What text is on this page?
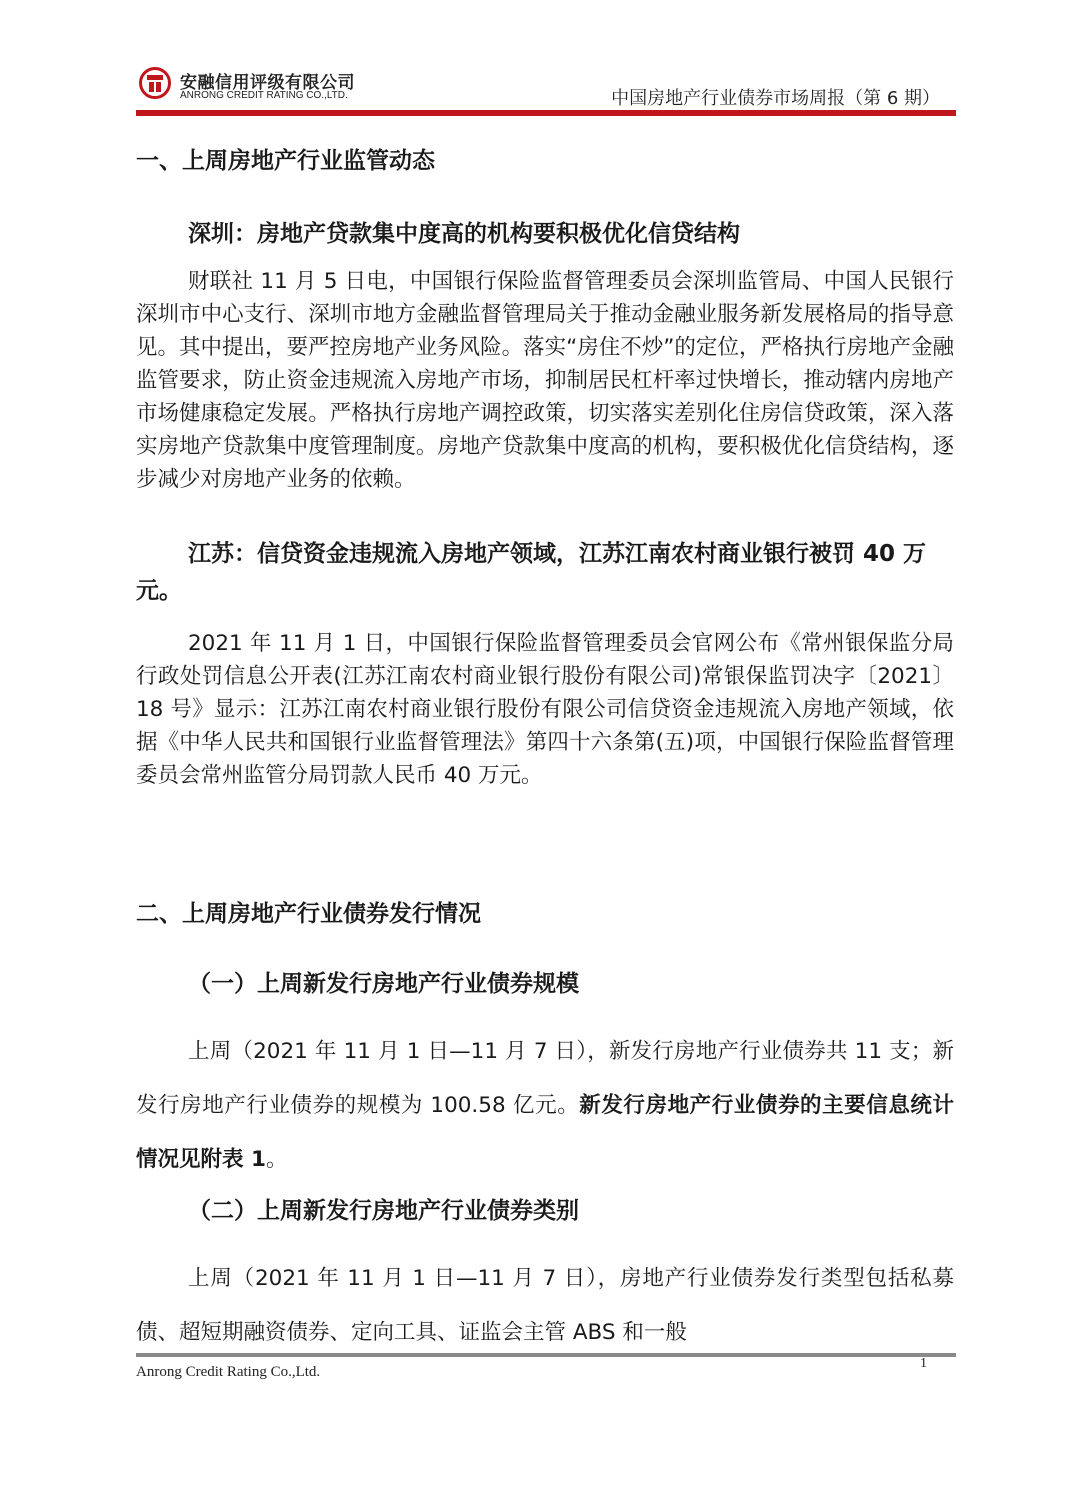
安融信用评级有限公司
ANRONG CREDIT RATING CO.,LTD.	中国房地产行业债券市场周报（第 6 期）
一、上周房地产行业监管动态
深圳：房地产贷款集中度高的机构要积极优化信贷结构

财联社 11 月 5 日电，中国银行保险监督管理委员会深圳监管局、中国人民银行深圳市中心支行、深圳市地方金融监督管理局关于推动金融业服务新发展格局的指导意见。其中提出，要严控房地产业务风险。落实“房住不炒”的定位，严格执行房地产金融监管要求，防止资金违规流入房地产市场，抑制居民杠杆率过快增长，推动辖内房地产市场健康稳定发展。严格执行房地产调控政策，切实落实差别化住房信贷政策，深入落实房地产贷款集中度管理制度。房地产贷款集中度高的机构，要积极优化信贷结构，逐步减少对房地产业务的依赖。

江苏：信贷资金违规流入房地产领域，江苏江南农村商业银行被罚 40 万元。

2021 年 11 月 1 日，中国银行保险监督管理委员会官网公布《常州银保监分局行政处罚信息公开表(江苏江南农村商业银行股份有限公司)常银保监罚决字〔2021〕18 号》显示：江苏江南农村商业银行股份有限公司信贷资金违规流入房地产领域，依据《中华人民共和国银行业监督管理法》第四十六条第(五)项，中国银行保险监督管理委员会常州监管分局罚款人民币 40 万元。

二、上周房地产行业债券发行情况
（一）上周新发行房地产行业债券规模

上周（2021 年 11 月 1 日—11 月 7 日），新发行房地产行业债券共 11 支；新发行房地产行业债券的规模为 100.58 亿元。新发行房地产行业债券的主要信息统计情况见附表 1。

（二）上周新发行房地产行业债券类别

上周（2021 年 11 月 1 日—11 月 7 日），房地产行业债券发行类型包括私募债、超短期融资债券、定向工具、证监会主管 ABS 和一般

Anrong Credit Rating Co.,Ltd.
1
